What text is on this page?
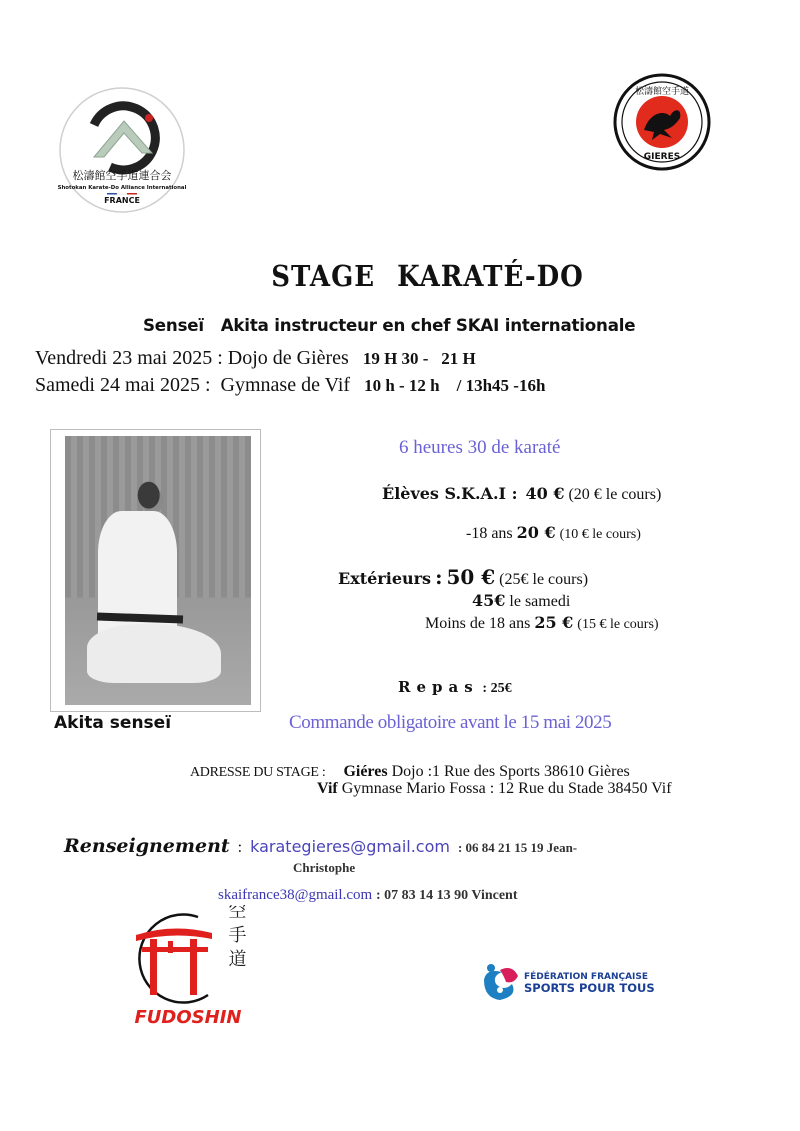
松濤館空手道連合会
Shotokan Karate-Do Alliance International
FRANCE
松濤館空手道
GIERES
STAGE KARATÉ-DO
Senseï   Akita instructeur en chef SKAI internationale
Vendredi 23 mai 2025 : Dojo de Gières 19 H 30 -   21 H
Samedi 24 mai 2025 :  Gymnase de Vif 10 h - 12 h    / 13h45 -16h
Akita senseï
6 heures 30 de karaté
Élèves S.K.A.I : 40 € (20 € le cours)
-18 ans 20 € (10 € le cours)
Extérieurs : 50 € (25€ le cours)
45€ le samedi
Moins de 18 ans 25 € (15 € le cours)
Repas : 25€
Commande obligatoire avant le 15 mai 2025
ADRESSE DU STAGE : Giéres Dojo :1 Rue des Sports 38610 Gières
Vif Gymnase Mario Fossa : 12 Rue du Stade 38450 Vif
Renseignement : karategieres@gmail.com : 06 84 21 15 19 Jean-
Christophe
skaifrance38@gmail.com : 07 83 14 13 90 Vincent
空手道
FUDOSHIN
FÉDÉRATION FRANÇAISE
SPORTS POUR TOUS
